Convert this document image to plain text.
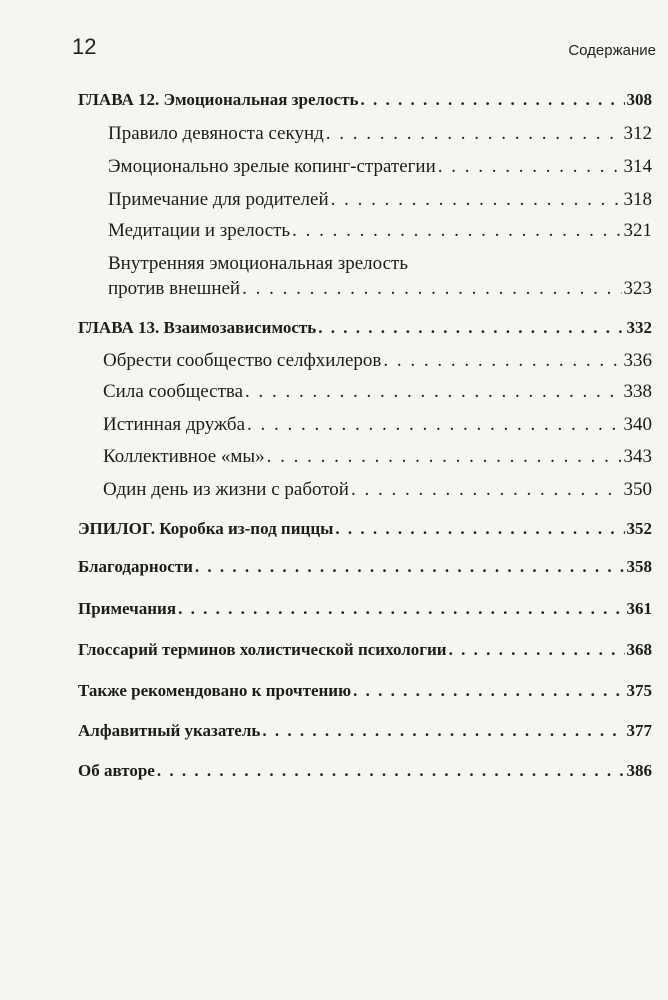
12	Содержание
ГЛАВА 12. Эмоциональная зрелость . . .	308
Правило девяноста секунд . . .	312
Эмоционально зрелые копинг-стратегии . . .	314
Примечание для родителей . . .	318
Медитации и зрелость . . .	321
Внутренняя эмоциональная зрелость
против внешней . . .	323
ГЛАВА 13. Взаимозависимость . . .	332
Обрести сообщество селфхилеров . . .	336
Сила сообщества . . .	338
Истинная дружба . . .	340
Коллективное «мы» . . .	343
Один день из жизни с работой . . .	350
ЭПИЛОГ. Коробка из-под пиццы . . .	352
Благодарности . . .	358
Примечания . . .	361
Глоссарий терминов холистической психологии . . .	368
Также рекомендовано к прочтению . . .	375
Алфавитный указатель . . .	377
Об авторе . . .	386
